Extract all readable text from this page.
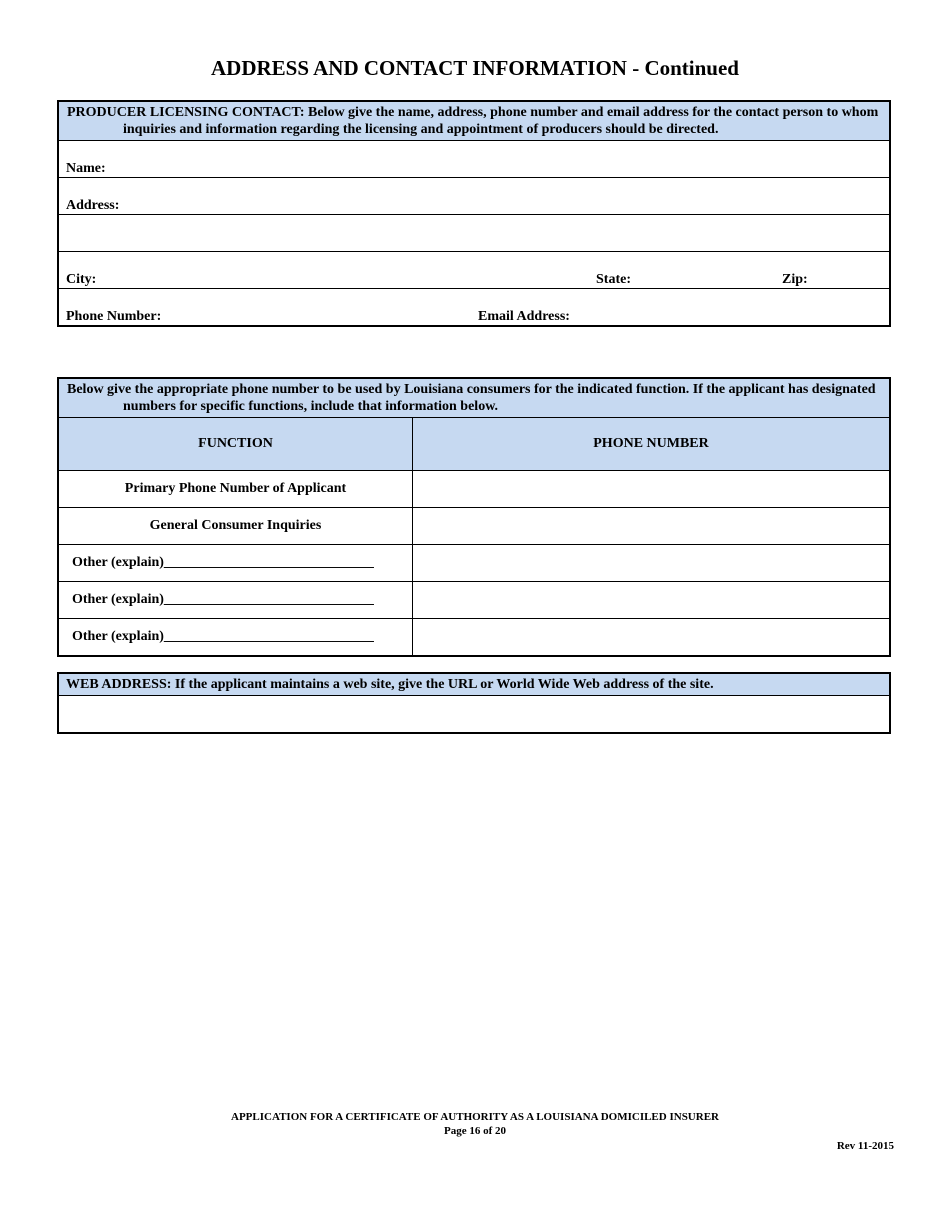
ADDRESS AND CONTACT INFORMATION - Continued
PRODUCER LICENSING CONTACT: Below give the name, address, phone number and email address for the contact person to whom inquiries and information regarding the licensing and appointment of producers should be directed.
Name:
Address:
City:	State:	Zip:
Phone Number:	Email Address:
Below give the appropriate phone number to be used by Louisiana consumers for the indicated function. If the applicant has designated numbers for specific functions, include that information below.
FUNCTION	PHONE NUMBER
Primary Phone Number of Applicant
General Consumer Inquiries
Other (explain)______________________________
Other (explain)______________________________
Other (explain)______________________________
WEB ADDRESS: If the applicant maintains a web site, give the URL or World Wide Web address of the site.
APPLICATION FOR A CERTIFICATE OF AUTHORITY AS A LOUISIANA DOMICILED INSURER
Page 16 of 20
Rev 11-2015
